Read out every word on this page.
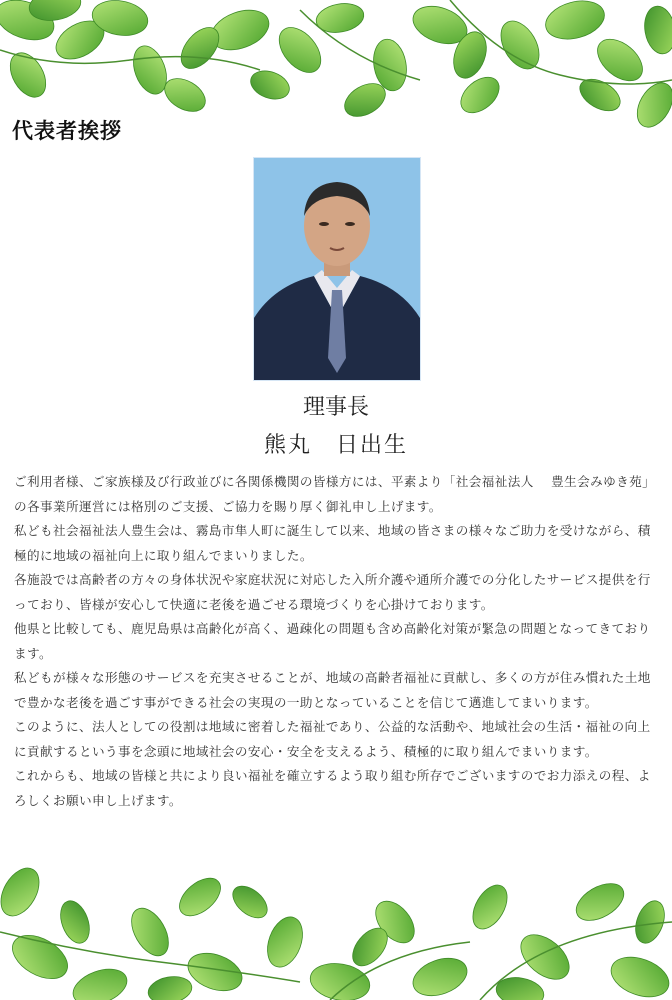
代表者挨拶

理事長

熊丸　日出生

ご利用者様、ご家族様及び行政並びに各関係機関の皆様方には、平素より「社会福祉法人　 豊生会みゆき苑」の各事業所運営には格別のご支援、ご協力を賜り厚く御礼申し上げます。

私ども社会福祉法人豊生会は、霧島市隼人町に誕生して以来、地域の皆さまの様々なご助力を受けながら、積極的に地域の福祉向上に取り組んでまいりました。

各施設では高齢者の方々の身体状況や家庭状況に対応した入所介護や通所介護での分化したサービス提供を行っており、皆様が安心して快適に老後を過ごせる環境づくりを心掛けております。

他県と比較しても、鹿児島県は高齢化が高く、過疎化の問題も含め高齢化対策が緊急の問題となってきております。

私どもが様々な形態のサービスを充実させることが、地域の高齢者福祉に貢献し、多くの方が住み慣れた土地で豊かな老後を過ごす事ができる社会の実現の一助となっていることを信じて邁進してまいります。

このように、法人としての役割は地域に密着した福祉であり、公益的な活動や、地域社会の生活・福祉の向上に貢献するという事を念頭に地域社会の安心・安全を支えるよう、積極的に取り組んでまいります。

これからも、地域の皆様と共により良い福祉を確立するよう取り組む所存でございますのでお力添えの程、よろしくお願い申し上げます。
